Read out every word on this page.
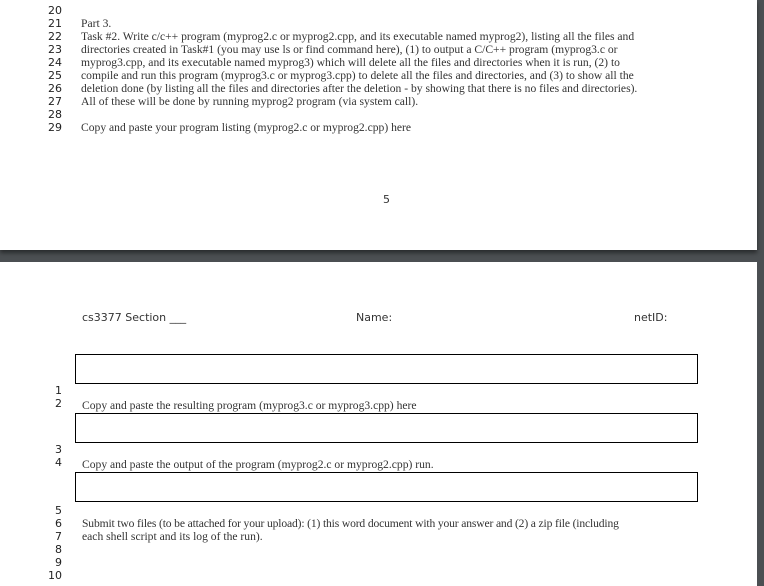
20
21
22
23
24
25
26
27
28
29
Part 3.
Task #2. Write c/c++ program (myprog2.c or myprog2.cpp, and its executable named myprog2), listing all the files and
directories created in Task#1 (you may use ls or find command here), (1) to output a C/C++ program (myprog3.c or
myprog3.cpp, and its executable named myprog3) which will delete all the files and directories when it is run, (2) to
compile and run this program (myprog3.c or myprog3.cpp) to delete all the files and directories, and (3) to show all the
deletion done (by listing all the files and directories after the deletion - by showing that there is no files and directories).
All of these will be done by running myprog2 program (via system call).
Copy and paste your program listing (myprog2.c or myprog2.cpp) here
5
cs3377 Section ___	Name:	netID:
1
2 Copy and paste the resulting program (myprog3.c or myprog3.cpp) here
3
4 Copy and paste the output of the program (myprog2.c or myprog2.cpp) run.
5
6
7
8
9
10
Submit two files (to be attached for your upload): (1) this word document with your answer and (2) a zip file (including
each shell script and its log of the run).
